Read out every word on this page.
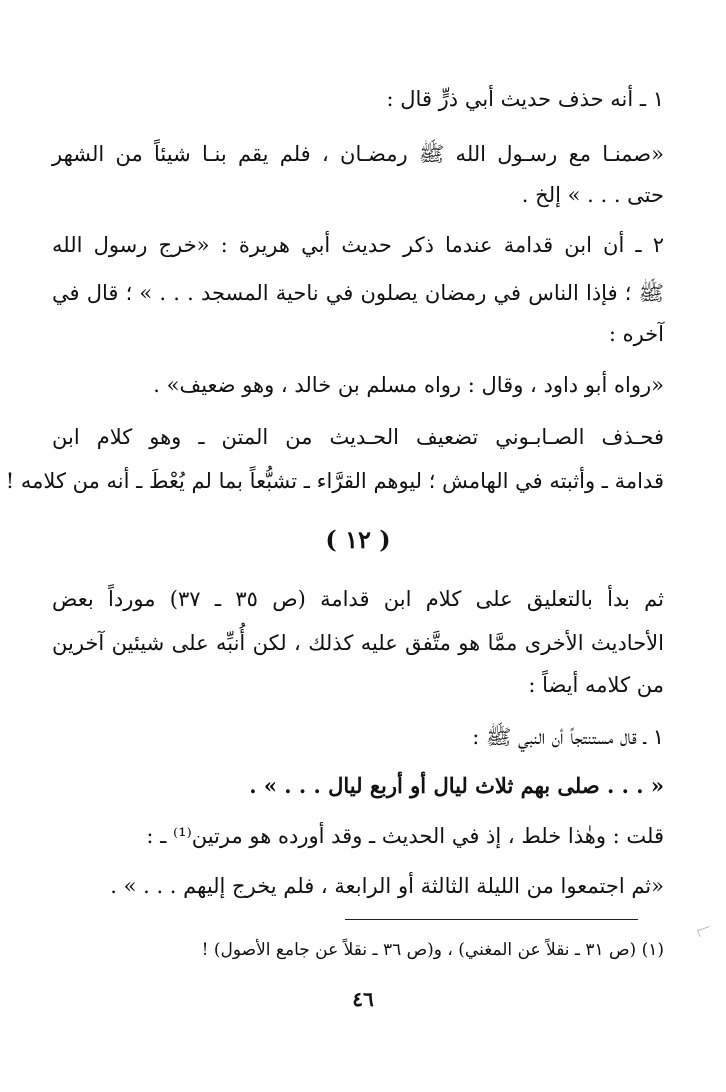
١ ـ أنه حذف حديث أبي ذرٍّ قال :
«صمنـا مع رسـول الله ﷺ رمضـان ، فلم يقم بنـا شيئاً من الشهر
حتى . . . » إلخ .
٢ ـ أن ابن قدامة عندما ذكر حديث أبي هريرة : «خرج رسول الله
ﷺ ؛ فإذا الناس في رمضان يصلون في ناحية المسجد . . . » ؛ قال في
آخره :
«رواه أبو داود ، وقال : رواه مسلم بن خالد ، وهو ضعيف» .
فحـذف الصـابـوني تضعيف الحـديث من المتن ـ وهو كلام ابن
قدامة ـ وأثبته في الهامش ؛ ليوهم القرَّاء ـ تشبُّعاً بما لم يُعْطَ ـ أنه من كلامه !
( ١٢ )
ثم بدأ بالتعليق على كلام ابن قدامة (ص ٣٥ ـ ٣٧) مورداً بعض
الأحاديث الأخرى ممَّا هو متَّفق عليه كذلك ، لكن أُنبِّه على شيئين آخرين
من كلامه أيضاً :
١ ـ قال مستنتجاً أن النبي ﷺ :
« . . . صلى بهم ثلاث ليال أو أربع ليال . . . » .
قلت : وهٰذا خلط ، إذ في الحديث ـ وقد أورده هو مرتين⁽¹⁾ ـ :
«ثم اجتمعوا من الليلة الثالثة أو الرابعة ، فلم يخرج إليهم . . . » .
(١) (ص ٣١ ـ نقلاً عن المغني) ، و(ص ٣٦ ـ نقلاً عن جامع الأصول) !
٤٦
